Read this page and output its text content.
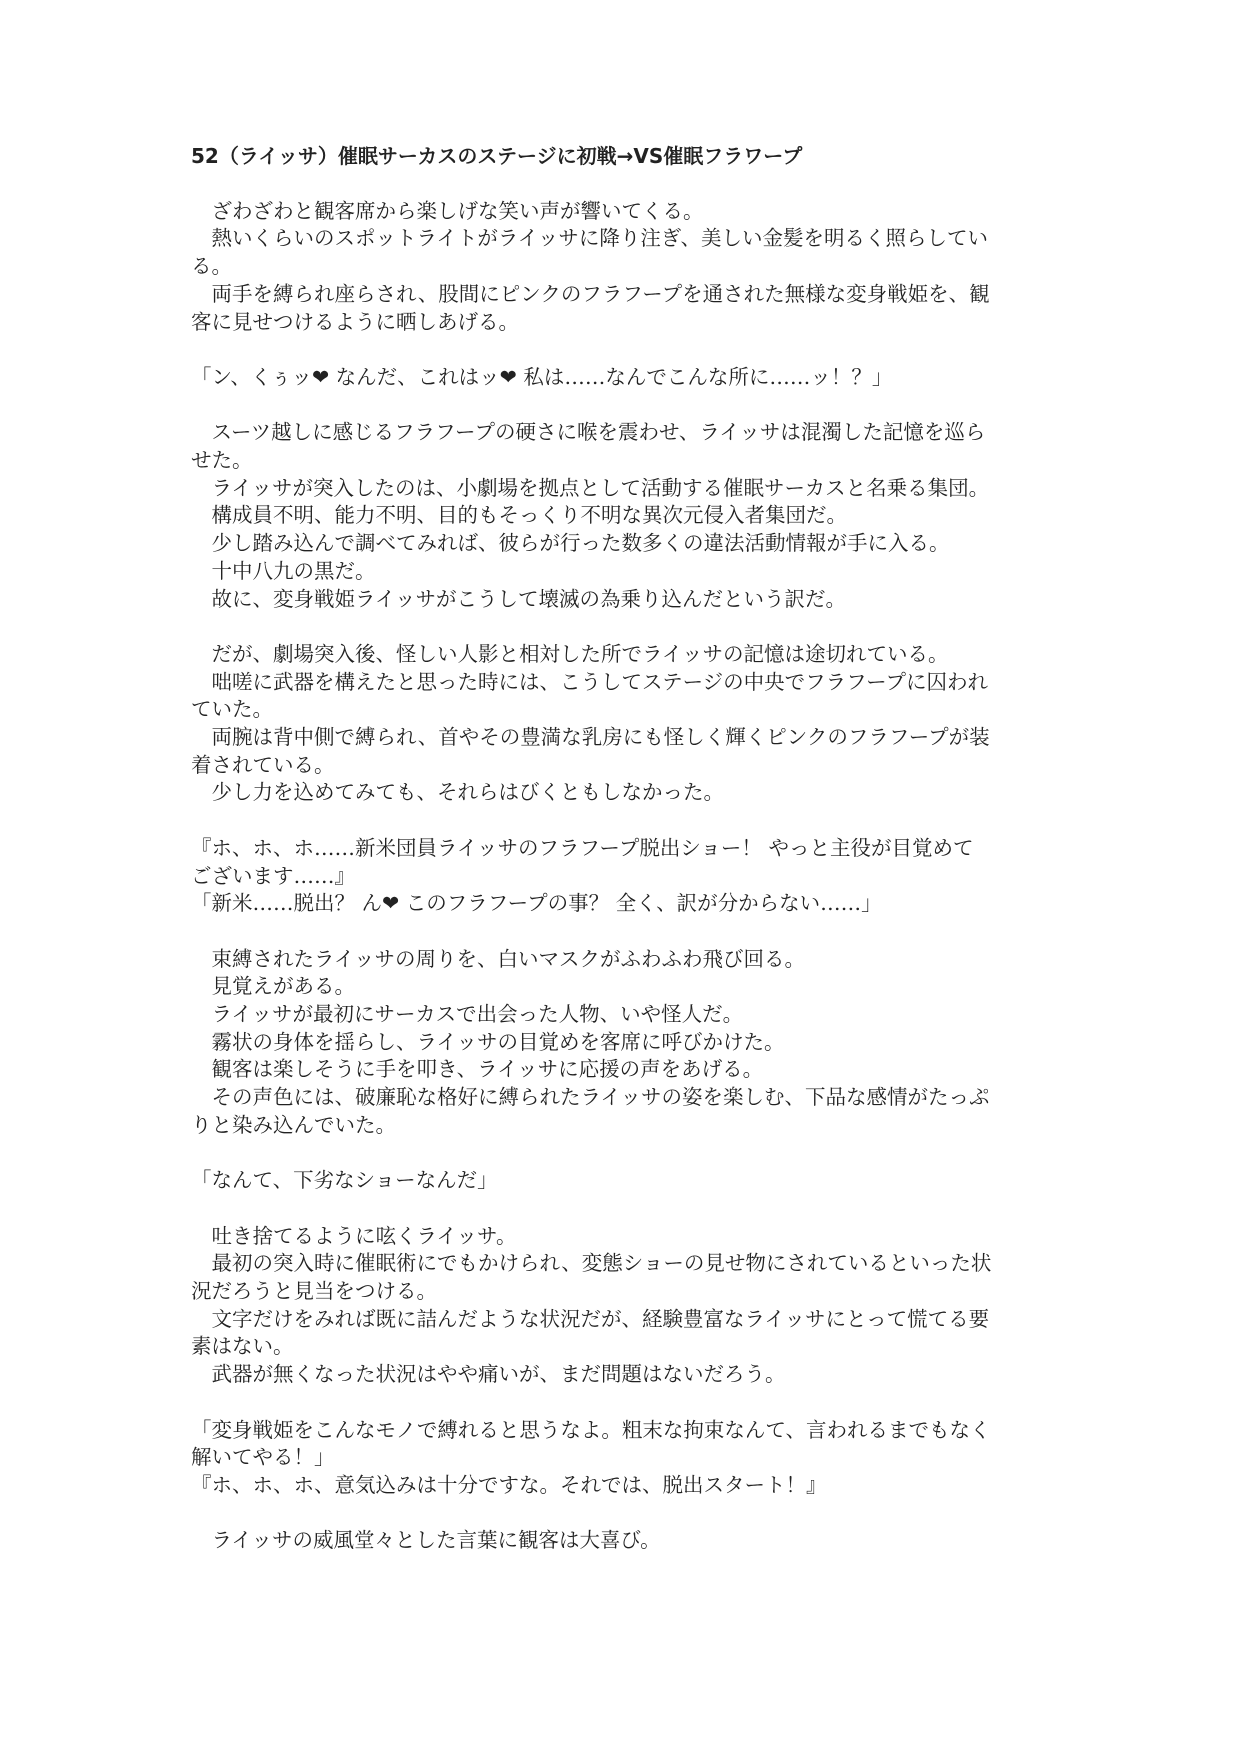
52（ライッサ）催眠サーカスのステージに初戦→VS催眠フラワープ
　ざわざわと観客席から楽しげな笑い声が響いてくる。
　熱いくらいのスポットライトがライッサに降り注ぎ、美しい金髪を明るく照らしてい
る。
　両手を縛られ座らされ、股間にピンクのフラフープを通された無様な変身戦姫を、観
客に見せつけるように晒しあげる。
「ン、くぅッ❤ なんだ、これはッ❤ 私は……なんでこんな所に……ッ！？」
　スーツ越しに感じるフラフープの硬さに喉を震わせ、ライッサは混濁した記憶を巡ら
せた。
　ライッサが突入したのは、小劇場を拠点として活動する催眠サーカスと名乗る集団。
　構成員不明、能力不明、目的もそっくり不明な異次元侵入者集団だ。
　少し踏み込んで調べてみれば、彼らが行った数多くの違法活動情報が手に入る。
　十中八九の黒だ。
　故に、変身戦姫ライッサがこうして壊滅の為乗り込んだという訳だ。
　だが、劇場突入後、怪しい人影と相対した所でライッサの記憶は途切れている。
　咄嗟に武器を構えたと思った時には、こうしてステージの中央でフラフープに囚われ
ていた。
　両腕は背中側で縛られ、首やその豊満な乳房にも怪しく輝くピンクのフラフープが装
着されている。
　少し力を込めてみても、それらはびくともしなかった。
『ホ、ホ、ホ……新米団員ライッサのフラフープ脱出ショー！ やっと主役が目覚めて
ございます……』
「新米……脱出？ ん❤ このフラフープの事？ 全く、訳が分からない……」
　束縛されたライッサの周りを、白いマスクがふわふわ飛び回る。
　見覚えがある。
　ライッサが最初にサーカスで出会った人物、いや怪人だ。
　霧状の身体を揺らし、ライッサの目覚めを客席に呼びかけた。
　観客は楽しそうに手を叩き、ライッサに応援の声をあげる。
　その声色には、破廉恥な格好に縛られたライッサの姿を楽しむ、下品な感情がたっぷ
りと染み込んでいた。
「なんて、下劣なショーなんだ」
　吐き捨てるように呟くライッサ。
　最初の突入時に催眠術にでもかけられ、変態ショーの見せ物にされているといった状
況だろうと見当をつける。
　文字だけをみれば既に詰んだような状況だが、経験豊富なライッサにとって慌てる要
素はない。
　武器が無くなった状況はやや痛いが、まだ問題はないだろう。
「変身戦姫をこんなモノで縛れると思うなよ。粗末な拘束なんて、言われるまでもなく
解いてやる！」
『ホ、ホ、ホ、意気込みは十分ですな。それでは、脱出スタート！』
　ライッサの威風堂々とした言葉に観客は大喜び。
